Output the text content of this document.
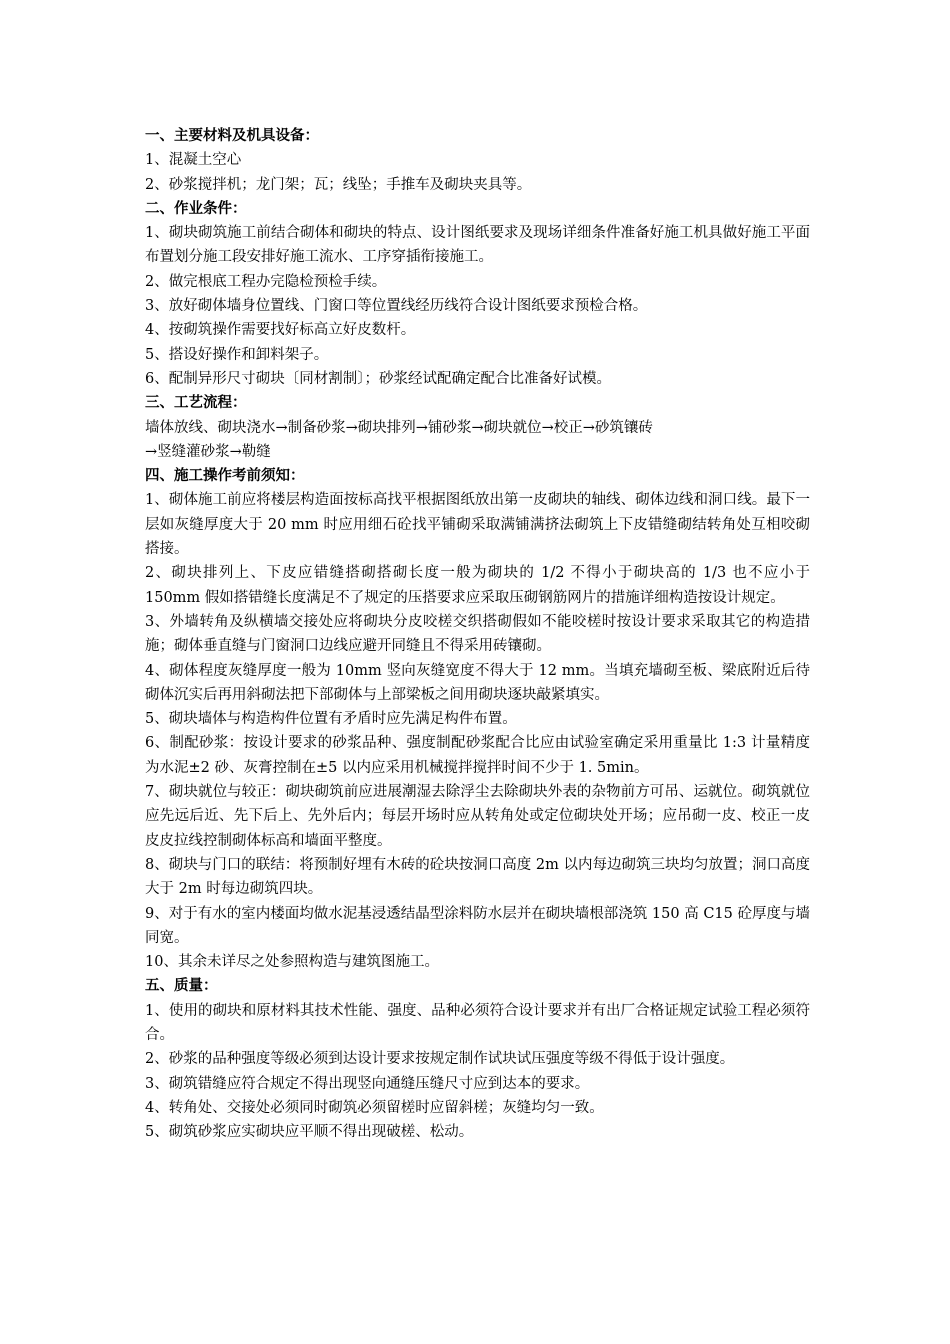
一、主要材料及机具设备：

1、混凝土空心

2、砂浆搅拌机；龙门架；瓦；线坠；手推车及砌块夹具等。

二、作业条件：

1、砌块砌筑施工前结合砌体和砌块的特点、设计图纸要求及现场详细条件准备好施工机具做好施工平面布置划分施工段安排好施工流水、工序穿插衔接施工。

2、做完根底工程办完隐检预检手续。

3、放好砌体墙身位置线、门窗口等位置线经历线符合设计图纸要求预检合格。

4、按砌筑操作需要找好标高立好皮数杆。

5、搭设好操作和卸料架子。

6、配制异形尺寸砌块〔同材割制〕；砂浆经试配确定配合比准备好试模。

三、工艺流程：

墙体放线、砌块浇水→制备砂浆→砌块排列→铺砂浆→砌块就位→校正→砂筑镶砖

→竖缝灌砂浆→勒缝

四、施工操作考前须知：

1、砌体施工前应将楼层构造面按标高找平根据图纸放出第一皮砌块的轴线、砌体边线和洞口线。最下一层如灰缝厚度大于 20 mm 时应用细石砼找平铺砌采取满铺满挤法砌筑上下皮错缝砌结转角处互相咬砌搭接。

2、砌块排列上、下皮应错缝搭砌搭砌长度一般为砌块的 1/2 不得小于砌块高的 1/3 也不应小于 150mm 假如搭错缝长度满足不了规定的压搭要求应采取压砌钢筋网片的措施详细构造按设计规定。

3、外墙转角及纵横墙交接处应将砌块分皮咬槎交织搭砌假如不能咬槎时按设计要求采取其它的构造措施；砌体垂直缝与门窗洞口边线应避开同缝且不得采用砖镶砌。

4、砌体程度灰缝厚度一般为 10mm 竖向灰缝宽度不得大于 12 mm。当填充墙砌至板、梁底附近后待砌体沉实后再用斜砌法把下部砌体与上部梁板之间用砌块逐块敲紧填实。

5、砌块墙体与构造构件位置有矛盾时应先满足构件布置。

6、制配砂浆：按设计要求的砂浆品种、强度制配砂浆配合比应由试验室确定采用重量比 1:3 计量精度为水泥±2 砂、灰膏控制在±5 以内应采用机械搅拌搅拌时间不少于 1. 5min。

7、砌块就位与较正：砌块砌筑前应进展潮湿去除浮尘去除砌块外表的杂物前方可吊、运就位。砌筑就位应先远后近、先下后上、先外后内；每层开场时应从转角处或定位砌块处开场；应吊砌一皮、校正一皮皮皮拉线控制砌体标高和墙面平整度。

8、砌块与门口的联结：将预制好埋有木砖的砼块按洞口高度 2m 以内每边砌筑三块均匀放置；洞口高度大于 2m 时每边砌筑四块。

9、对于有水的室内楼面均做水泥基浸透结晶型涂料防水层并在砌块墙根部浇筑 150 高 C15 砼厚度与墙同宽。

10、其余未详尽之处参照构造与建筑图施工。

五、质量：

1、使用的砌块和原材料其技术性能、强度、品种必须符合设计要求并有出厂合格证规定试验工程必须符合。

2、砂浆的品种强度等级必须到达设计要求按规定制作试块试压强度等级不得低于设计强度。

3、砌筑错缝应符合规定不得出现竖向通缝压缝尺寸应到达本的要求。

4、转角处、交接处必须同时砌筑必须留槎时应留斜槎；灰缝均匀一致。

5、砌筑砂浆应实砌块应平顺不得出现破槎、松动。
